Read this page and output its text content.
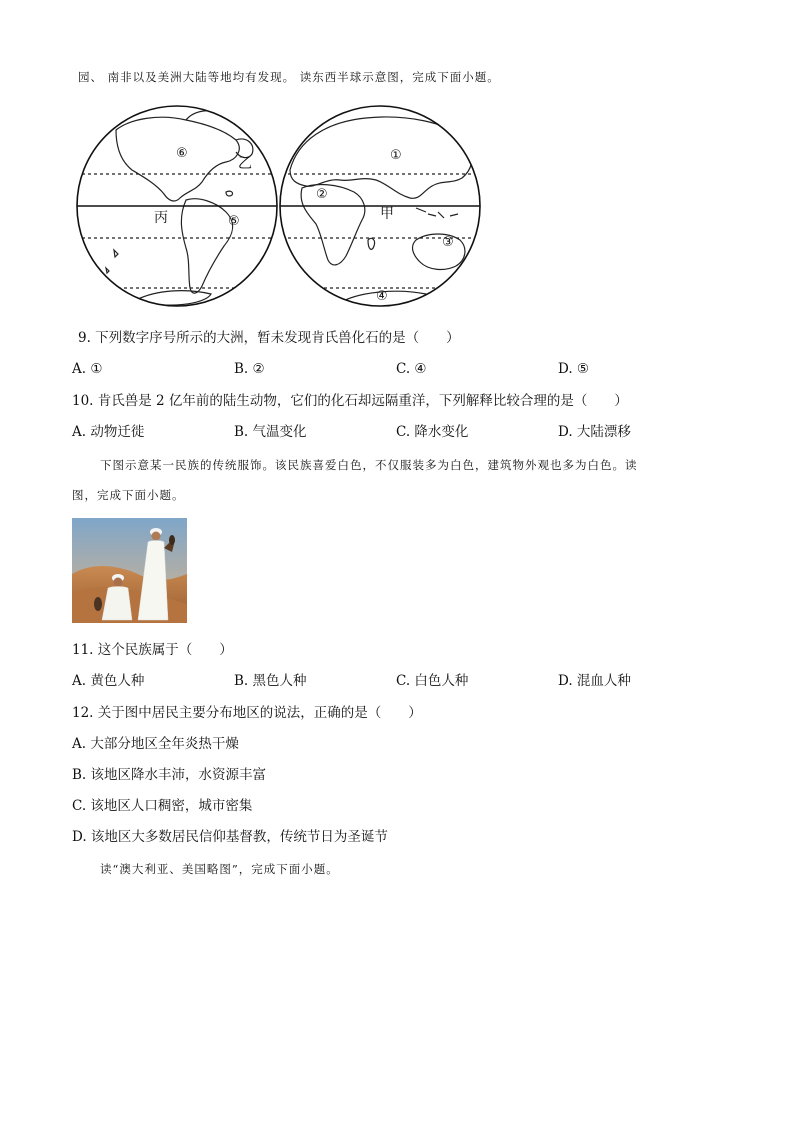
园、 南非以及美洲大陆等地均有发现。 读东西半球示意图，完成下面小题。
⑥
乙
丙	⑤
①
②
甲
③
④
9. 下列数字序号所示的大洲，暂未发现肯氏兽化石的是（　　）
A. ①	B. ②	C. ④	D. ⑤
10. 肯氏兽是 2 亿年前的陆生动物，它们的化石却远隔重洋，下列解释比较合理的是（　　）
A. 动物迁徙	B. 气温变化	C. 降水变化	D. 大陆漂移
下图示意某一民族的传统服饰。该民族喜爱白色，不仅服装多为白色，建筑物外观也多为白色。读
图，完成下面小题。
11. 这个民族属于（　　）
A. 黄色人种	B. 黑色人种	C. 白色人种	D. 混血人种
12. 关于图中居民主要分布地区的说法，正确的是（　　）
A. 大部分地区全年炎热干燥
B. 该地区降水丰沛，水资源丰富
C. 该地区人口稠密，城市密集
D. 该地区大多数居民信仰基督教，传统节日为圣诞节
读“澳大利亚、美国略图”，完成下面小题。
